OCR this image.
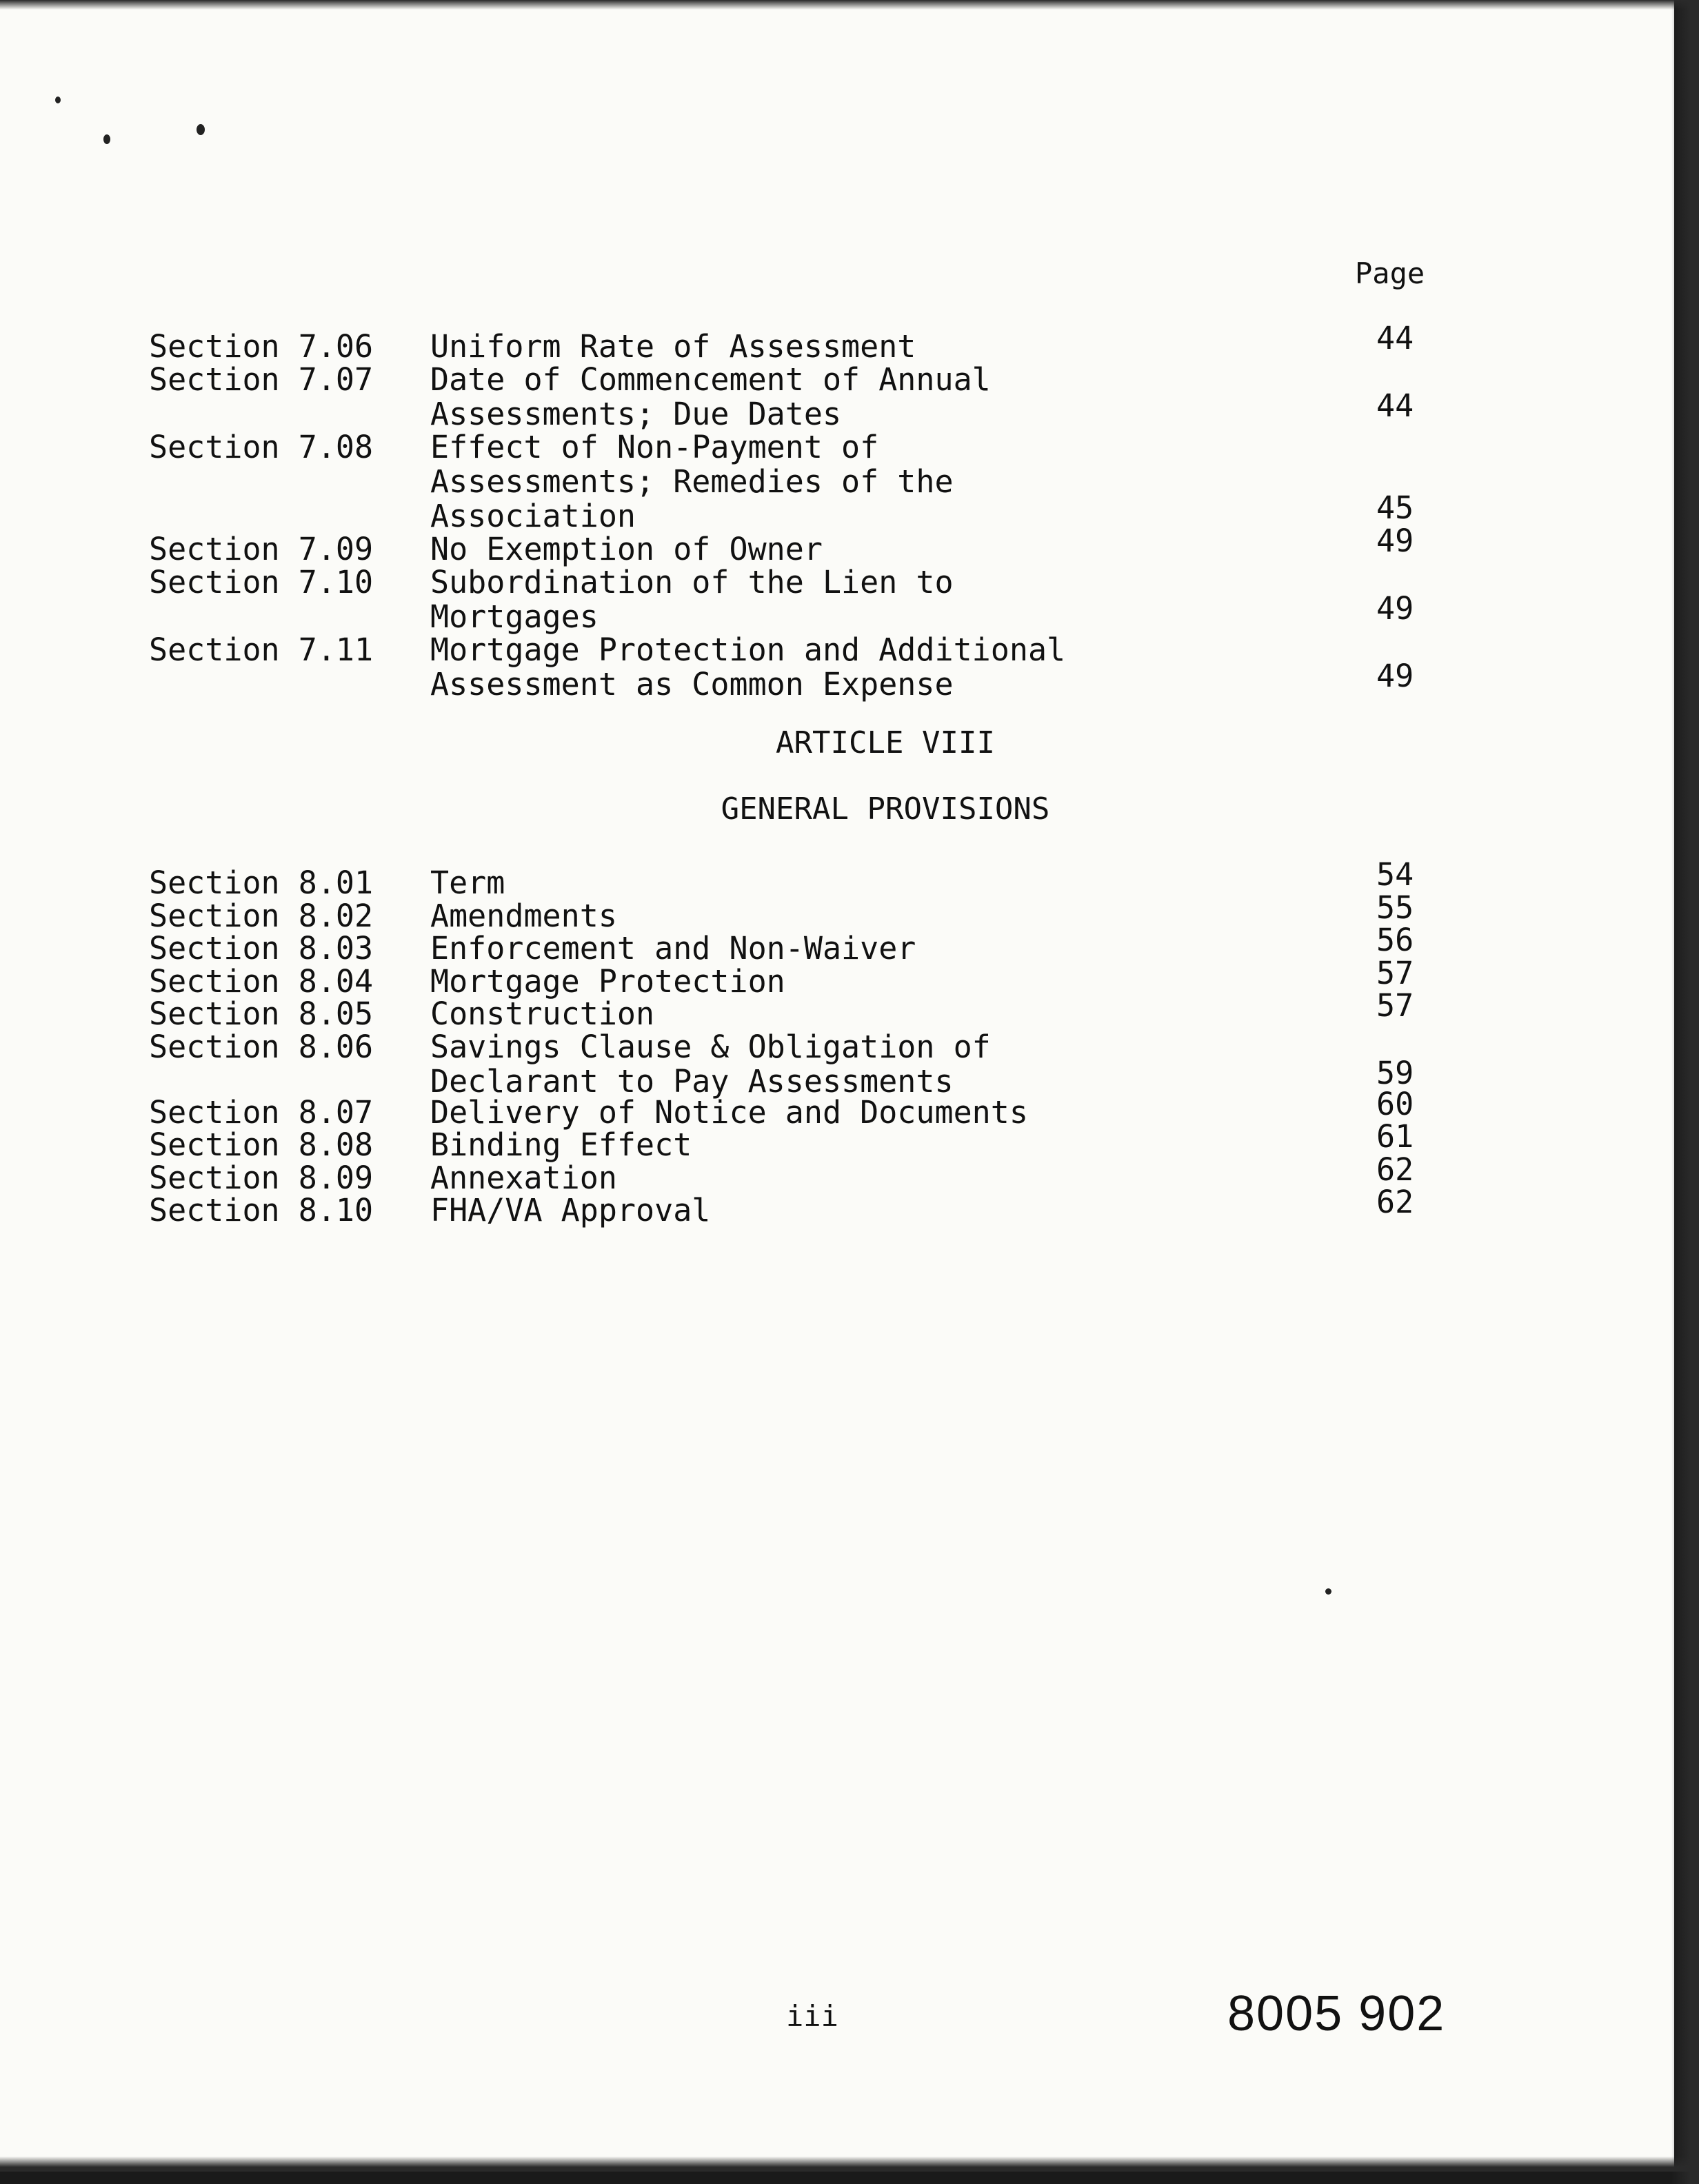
Page
Section 7.06 Uniform Rate of Assessment	44
Section 7.07 Date of Commencement of Annual
Assessments; Due Dates	44
Section 7.08 Effect of Non-Payment of
Assessments; Remedies of the
Association	45
Section 7.09 No Exemption of Owner	49
Section 7.10 Subordination of the Lien to
Mortgages	49
Section 7.11 Mortgage Protection and Additional
Assessment as Common Expense	49
ARTICLE VIII
GENERAL PROVISIONS
Section 8.01 Term	54
Section 8.02 Amendments	55
Section 8.03 Enforcement and Non-Waiver	56
Section 8.04 Mortgage Protection	57
Section 8.05 Construction	57
Section 8.06 Savings Clause & Obligation of
Declarant to Pay Assessments	59
Section 8.07 Delivery of Notice and Documents	60
Section 8.08 Binding Effect	61
Section 8.09 Annexation	62
Section 8.10 FHA/VA Approval	62
iii	8005 902
